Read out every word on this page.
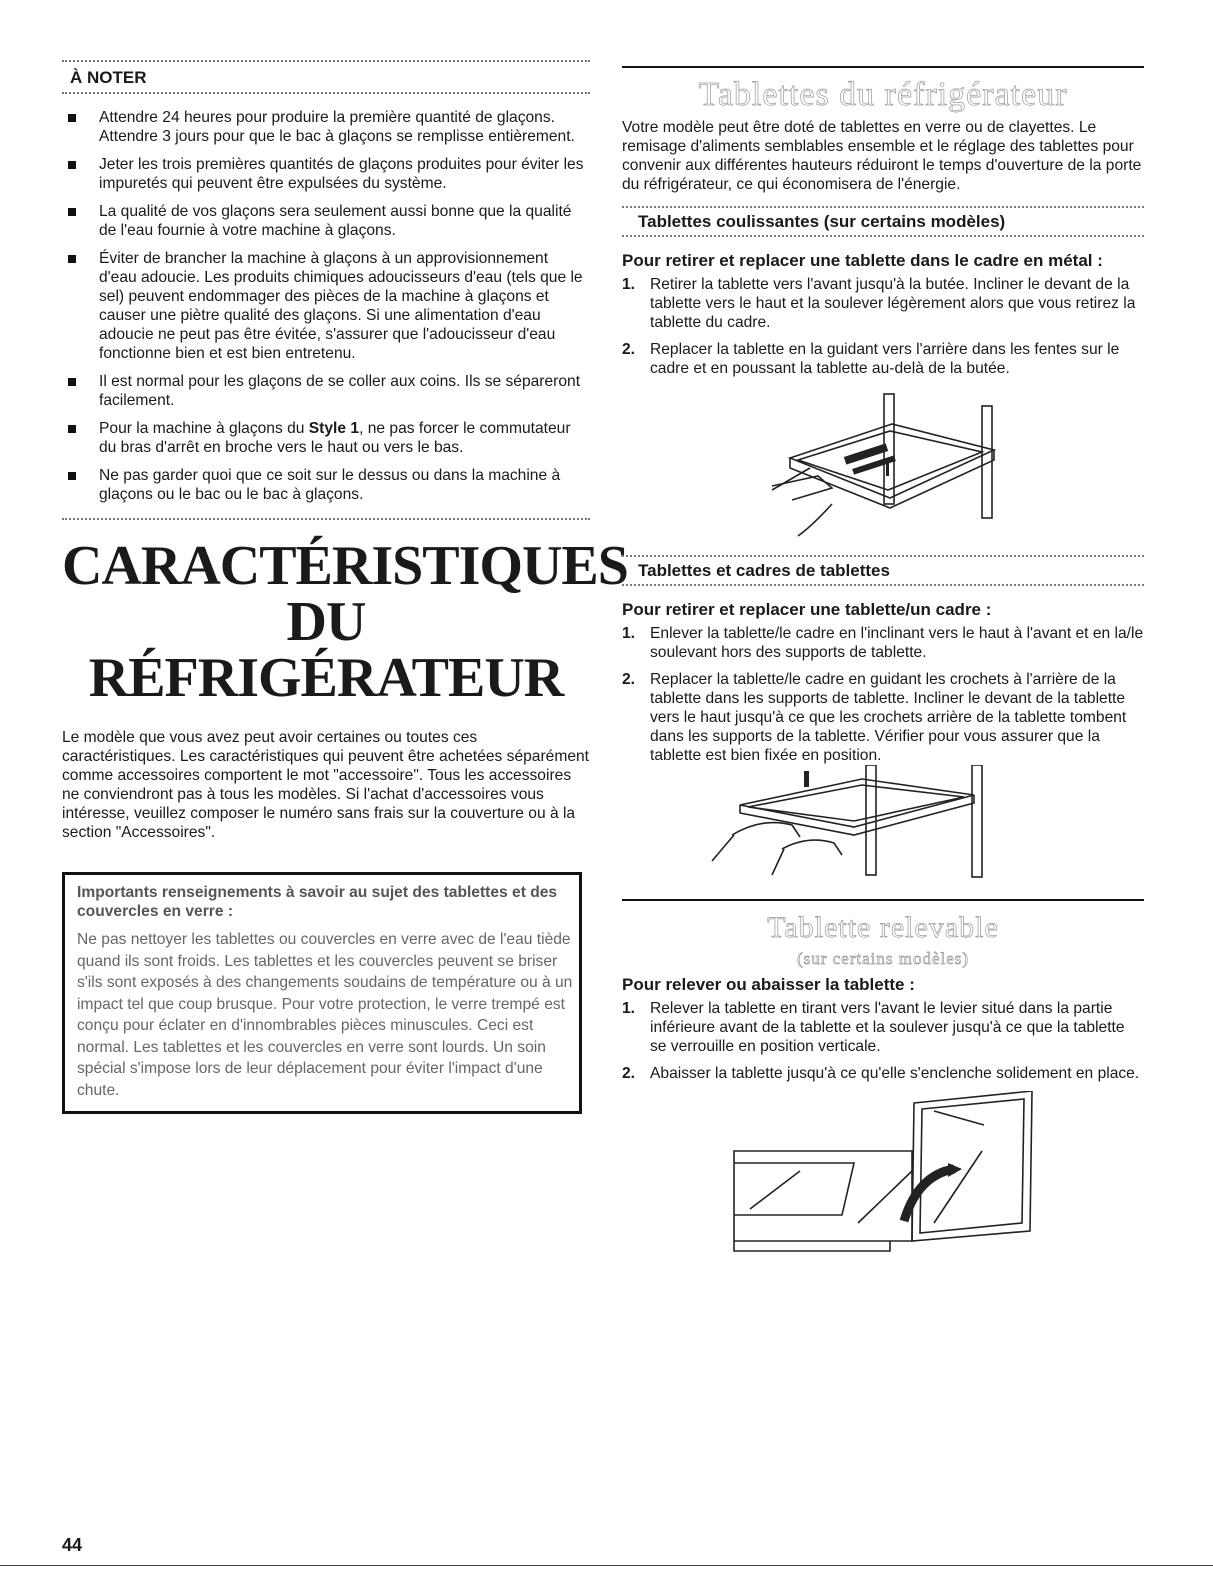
À NOTER
Attendre 24 heures pour produire la première quantité de glaçons. Attendre 3 jours pour que le bac à glaçons se remplisse entièrement.
Jeter les trois premières quantités de glaçons produites pour éviter les impuretés qui peuvent être expulsées du système.
La qualité de vos glaçons sera seulement aussi bonne que la qualité de l'eau fournie à votre machine à glaçons.
Éviter de brancher la machine à glaçons à un approvisionnement d'eau adoucie. Les produits chimiques adoucisseurs d'eau (tels que le sel) peuvent endommager des pièces de la machine à glaçons et causer une piètre qualité des glaçons. Si une alimentation d'eau adoucie ne peut pas être évitée, s'assurer que l'adoucisseur d'eau fonctionne bien et est bien entretenu.
Il est normal pour les glaçons de se coller aux coins. Ils se sépareront facilement.
Pour la machine à glaçons du Style 1, ne pas forcer le commutateur du bras d'arrêt en broche vers le haut ou vers le bas.
Ne pas garder quoi que ce soit sur le dessus ou dans la machine à glaçons ou le bac ou le bac à glaçons.
CARACTÉRISTIQUES DU
RÉFRIGÉRATEUR

Le modèle que vous avez peut avoir certaines ou toutes ces caractéristiques. Les caractéristiques qui peuvent être achetées séparément comme accessoires comportent le mot "accessoire". Tous les accessoires ne conviendront pas à tous les modèles. Si l'achat d'accessoires vous intéresse, veuillez composer le numéro sans frais sur la couverture ou à la section "Accessoires".

Importants renseignements à savoir au sujet des tablettes et des couvercles en verre :
Ne pas nettoyer les tablettes ou couvercles en verre avec de l'eau tiède quand ils sont froids. Les tablettes et les couvercles peuvent se briser s'ils sont exposés à des changements soudains de température ou à un impact tel que coup brusque. Pour votre protection, le verre trempé est conçu pour éclater en d'innombrables pièces minuscules. Ceci est normal. Les tablettes et les couvercles en verre sont lourds. Un soin spécial s'impose lors de leur déplacement pour éviter l'impact d'une chute.
Tablettes du réfrigérateur

Votre modèle peut être doté de tablettes en verre ou de clayettes. Le remisage d'aliments semblables ensemble et le réglage des tablettes pour convenir aux différentes hauteurs réduiront le temps d'ouverture de la porte du réfrigérateur, ce qui économisera de l'énergie.

Tablettes coulissantes (sur certains modèles)
Pour retirer et replacer une tablette dans le cadre en métal :
1. Retirer la tablette vers l'avant jusqu'à la butée. Incliner le devant de la tablette vers le haut et la soulever légèrement alors que vous retirez la tablette du cadre.
2. Replacer la tablette en la guidant vers l'arrière dans les fentes sur le cadre et en poussant la tablette au-delà de la butée.
Tablettes et cadres de tablettes
Pour retirer et replacer une tablette/un cadre :
1. Enlever la tablette/le cadre en l'inclinant vers le haut à l'avant et en la/le soulevant hors des supports de tablette.
2. Replacer la tablette/le cadre en guidant les crochets à l'arrière de la tablette dans les supports de tablette. Incliner le devant de la tablette vers le haut jusqu'à ce que les crochets arrière de la tablette tombent dans les supports de la tablette. Vérifier pour vous assurer que la tablette est bien fixée en position.
Tablette relevable
(sur certains modèles)
Pour relever ou abaisser la tablette :
1. Relever la tablette en tirant vers l'avant le levier situé dans la partie inférieure avant de la tablette et la soulever jusqu'à ce que la tablette se verrouille en position verticale.
2. Abaisser la tablette jusqu'à ce qu'elle s'enclenche solidement en place.
44
